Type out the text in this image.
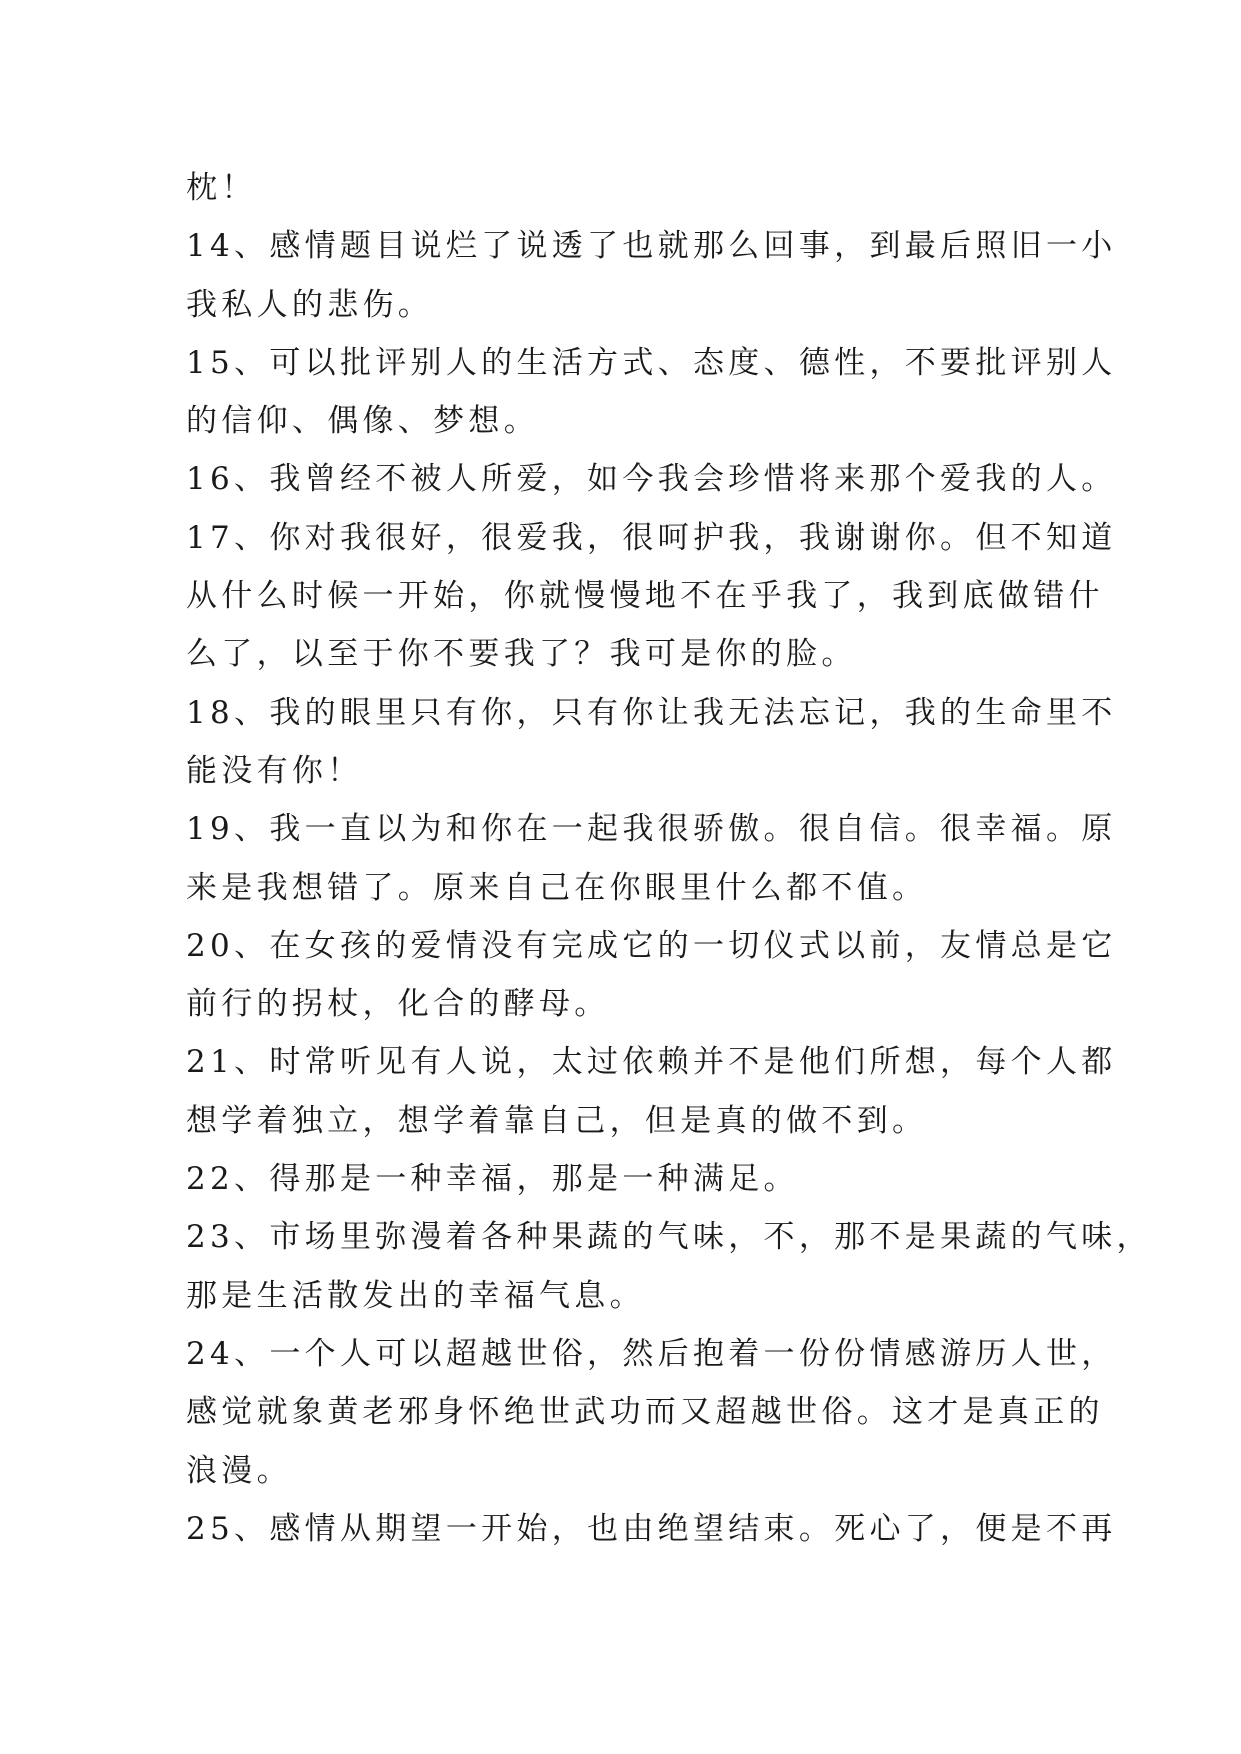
枕！
14、感情题目说烂了说透了也就那么回事，到最后照旧一小
我私人的悲伤。
15、可以批评别人的生活方式、态度、德性，不要批评别人
的信仰、偶像、梦想。
16、我曾经不被人所爱，如今我会珍惜将来那个爱我的人。
17、你对我很好，很爱我，很呵护我，我谢谢你。但不知道
从什么时候一开始，你就慢慢地不在乎我了，我到底做错什
么了，以至于你不要我了？我可是你的脸。
18、我的眼里只有你，只有你让我无法忘记，我的生命里不
能没有你！
19、我一直以为和你在一起我很骄傲。很自信。很幸福。原
来是我想错了。原来自己在你眼里什么都不值。
20、在女孩的爱情没有完成它的一切仪式以前，友情总是它
前行的拐杖，化合的酵母。
21、时常听见有人说，太过依赖并不是他们所想，每个人都
想学着独立，想学着靠自己，但是真的做不到。
22、得那是一种幸福，那是一种满足。
23、市场里弥漫着各种果蔬的气味，不，那不是果蔬的气味，
那是生活散发出的幸福气息。
24、一个人可以超越世俗，然后抱着一份份情感游历人世，
感觉就象黄老邪身怀绝世武功而又超越世俗。这才是真正的
浪漫。
25、感情从期望一开始，也由绝望结束。死心了，便是不再
